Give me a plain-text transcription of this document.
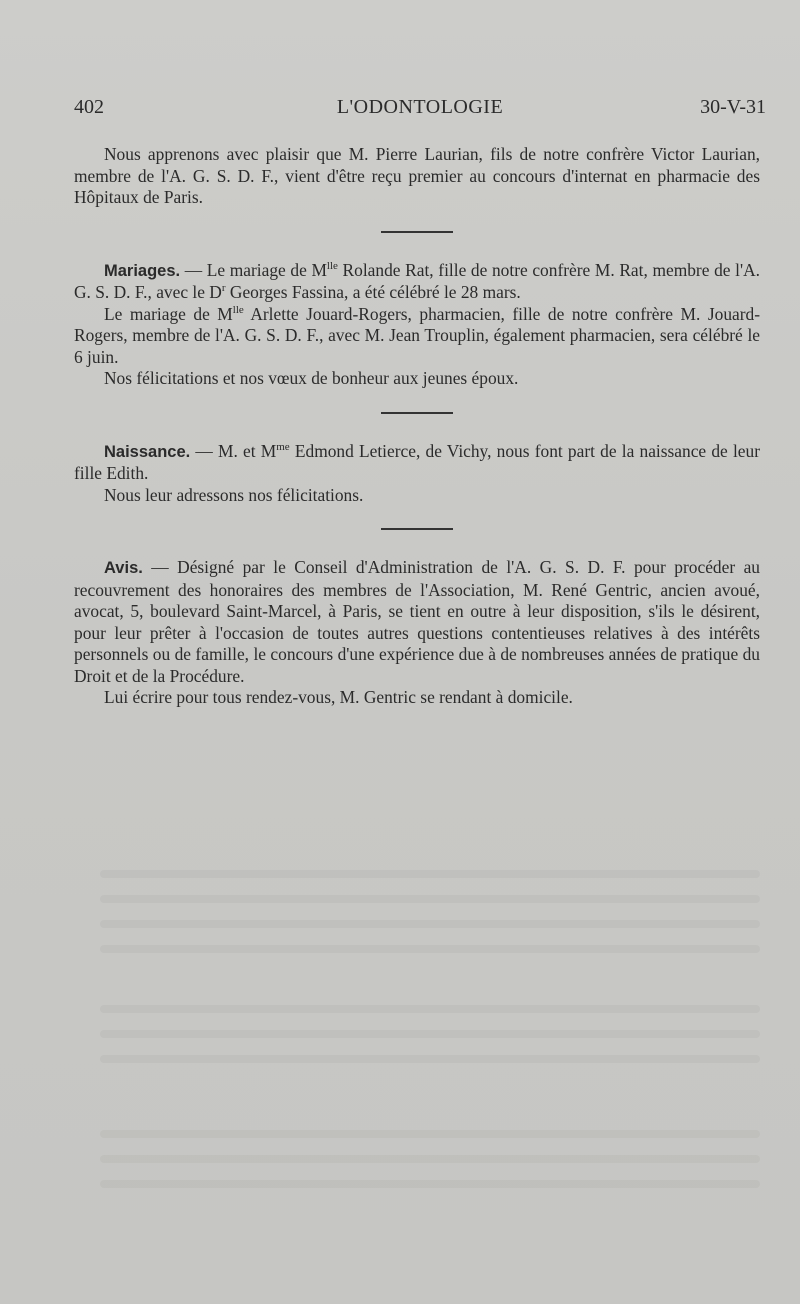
402	L'ODONTOLOGIE	30-V-31

Nous apprenons avec plaisir que M. Pierre Laurian, fils de notre confrère Victor Laurian, membre de l'A. G. S. D. F., vient d'être reçu premier au concours d'internat en pharmacie des Hôpitaux de Paris.

Mariages. — Le mariage de $M^{lle}$ Rolande Rat, fille de notre confrère M. Rat, membre de l'A. G. S. D. F., avec le $D^r$ Georges Fassina, a été célébré le 28 mars.

Le mariage de $M^{lle}$ Arlette Jouard-Rogers, pharmacien, fille de notre confrère M. Jouard-Rogers, membre de l'A. G. S. D. F., avec M. Jean Trouplin, également pharmacien, sera célébré le 6 juin.

Nos félicitations et nos vœux de bonheur aux jeunes époux.

Naissance. — M. et $M^{me}$ Edmond Letierce, de Vichy, nous font part de la naissance de leur fille Edith.

Nous leur adressons nos félicitations.

Avis. — Désigné par le Conseil d'Administration de l'A. G. S. D. F. pour procéder au recouvrement des honoraires des membres de l'Association, M. René Gentric, ancien avoué, avocat, 5, boulevard Saint-Marcel, à Paris, se tient en outre à leur disposition, s'ils le désirent, pour leur prêter à l'occasion de toutes autres questions contentieuses relatives à des intérêts personnels ou de famille, le concours d'une expérience due à de nombreuses années de pratique du Droit et de la Procédure.

Lui écrire pour tous rendez-vous, M. Gentric se rendant à domicile.
